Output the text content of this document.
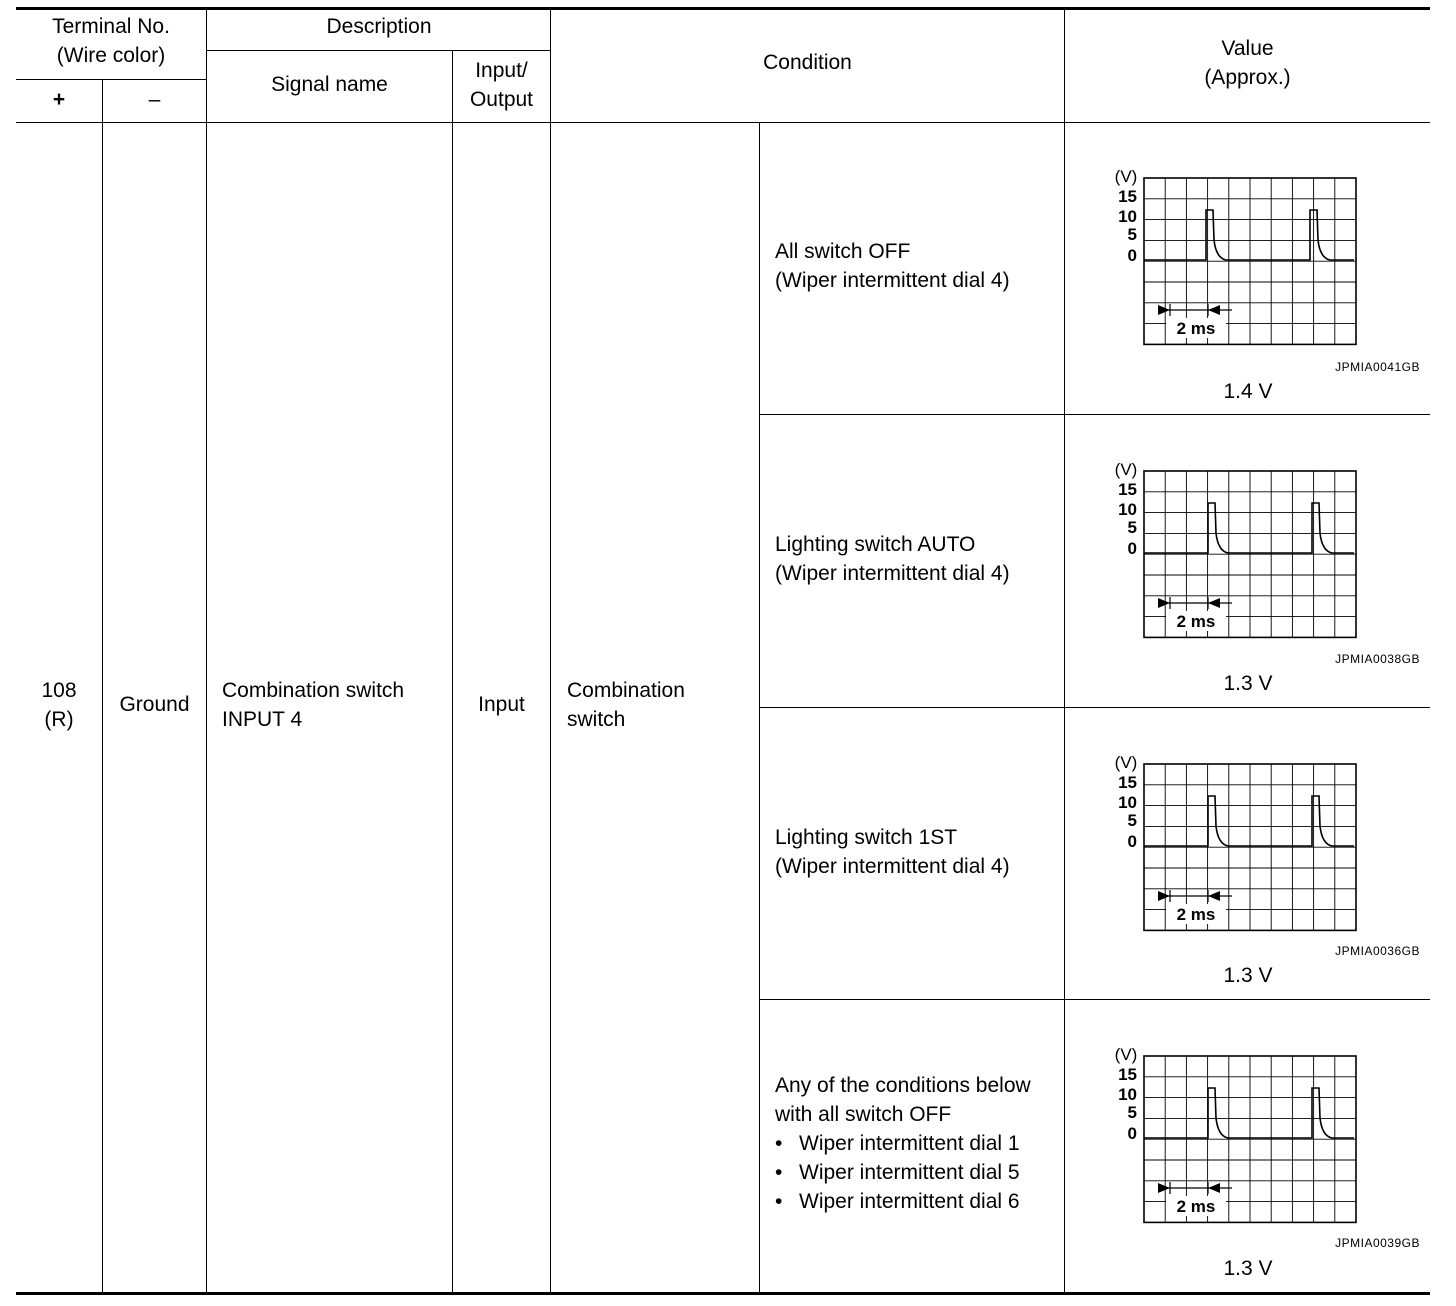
Terminal No.
(Wire color)
+	–
Description
Signal name
Input/
Output
Condition
Value
(Approx.)
108
(R)
Ground
Combination switch
INPUT 4
Input
Combination
switch
All switch OFF
(Wiper intermittent dial 4)
(V)
15
10
5
0
2 ms
JPMIA0041GB
1.4 V
Lighting switch AUTO
(Wiper intermittent dial 4)
(V)
15
10
5
0
2 ms
JPMIA0038GB
1.3 V
Lighting switch 1ST
(Wiper intermittent dial 4)
(V)
15
10
5
0
2 ms
JPMIA0036GB
1.3 V
Any of the conditions below
with all switch OFF
• Wiper intermittent dial 1
• Wiper intermittent dial 5
• Wiper intermittent dial 6
(V)
15
10
5
0
2 ms
JPMIA0039GB
1.3 V
